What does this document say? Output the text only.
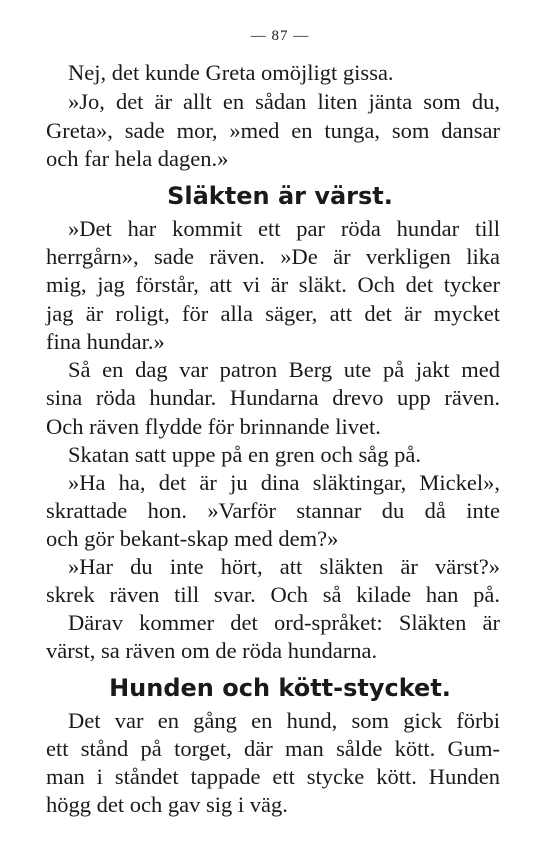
— 87 —
Nej, det kunde Greta omöjligt gissa.
»Jo, det är allt en sådan liten jänta som du,
Greta», sade mor, »med en tunga, som dansar
och far hela dagen.»
Släkten är värst.
»Det har kommit ett par röda hundar till
herrgårn», sade räven. »De är verkligen lika
mig, jag förstår, att vi är släkt. Och det tycker
jag är roligt, för alla säger, att det är mycket
fina hundar.»
Så en dag var patron Berg ute på jakt med
sina röda hundar. Hundarna drevo upp räven.
Och räven flydde för brinnande livet.
Skatan satt uppe på en gren och såg på.
»Ha ha, det är ju dina släktingar, Mickel»,
skrattade hon. »Varför stannar du då inte
och gör bekant-skap med dem?»
»Har du inte hört, att släkten är värst?»
skrek räven till svar. Och så kilade han på.
Därav kommer det ord-språket: Släkten är
värst, sa räven om de röda hundarna.
Hunden och kött-stycket.
Det var en gång en hund, som gick förbi
ett stånd på torget, där man sålde kött. Gum-
man i ståndet tappade ett stycke kött. Hunden
högg det och gav sig i väg.
